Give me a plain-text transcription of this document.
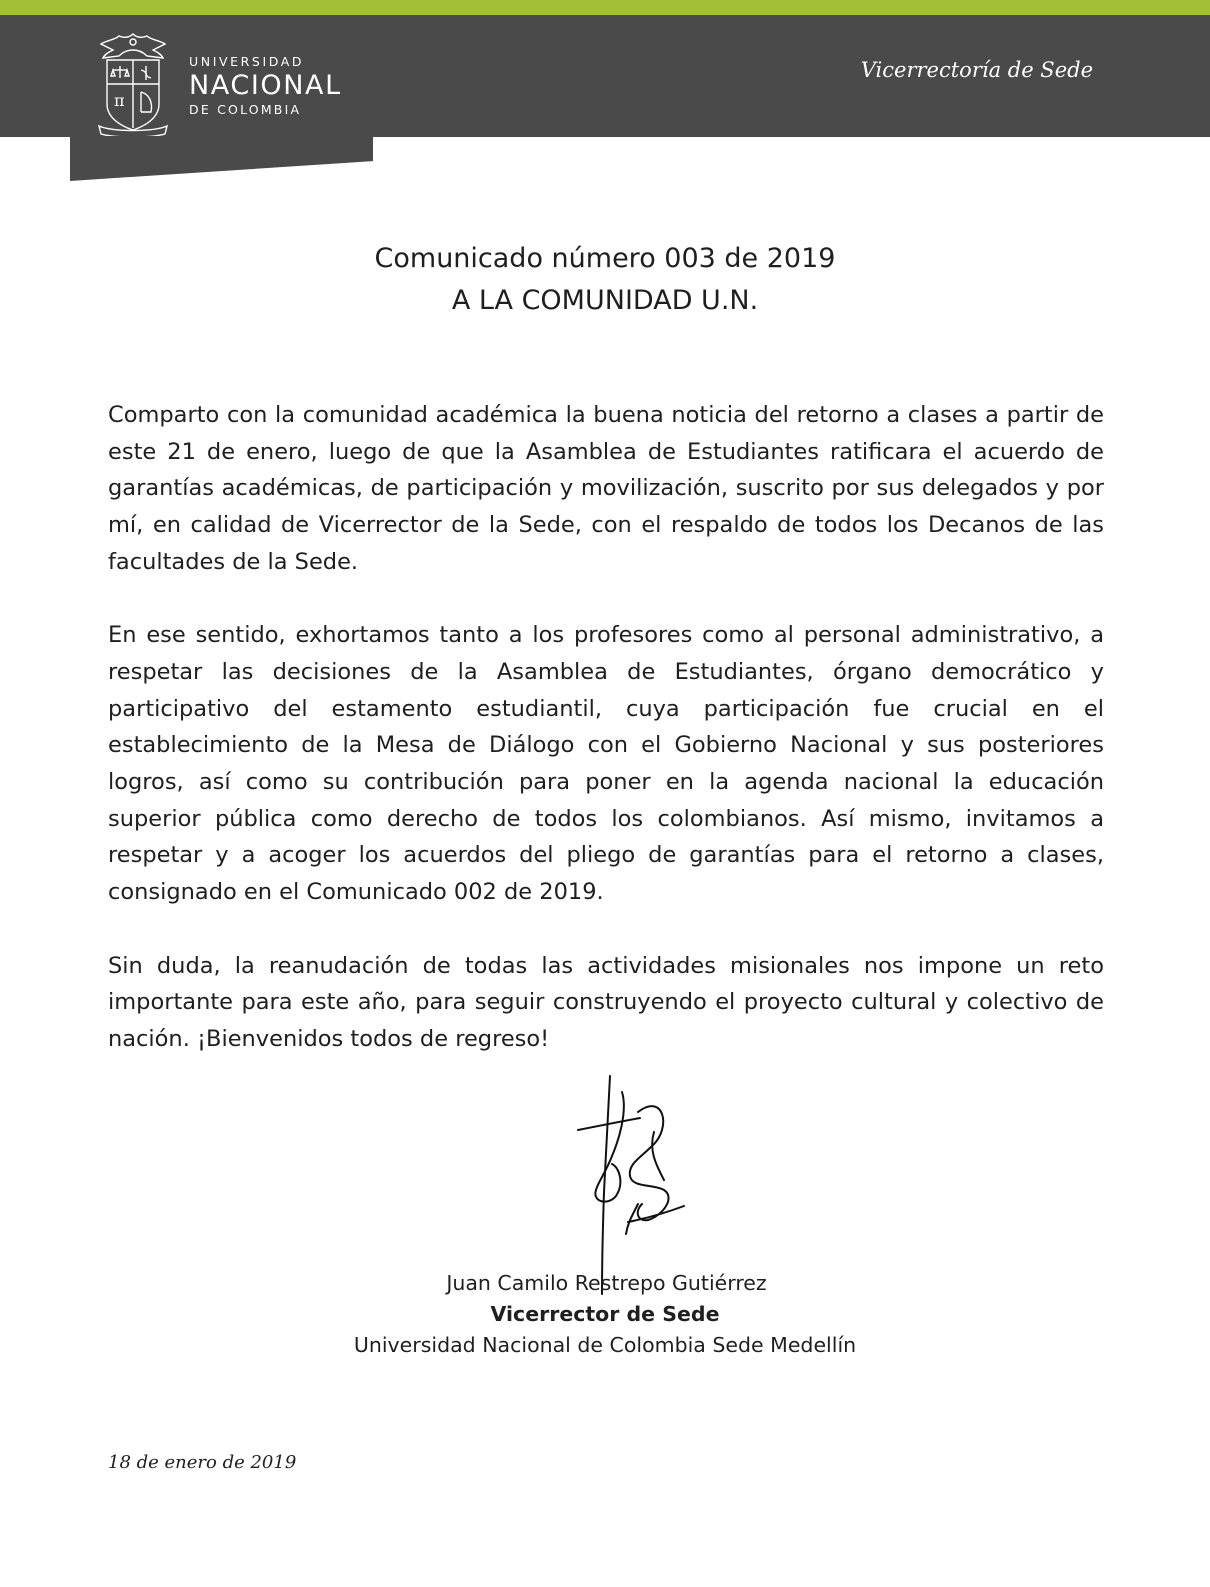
π
UNIVERSIDAD
NACIONAL
DE COLOMBIA
Vicerrectoría de Sede
Comunicado número 003 de 2019
A LA COMUNIDAD U.N.

Comparto con la comunidad académica la buena noticia del retorno a clases a partir de este 21 de enero, luego de que la Asamblea de Estudiantes ratificara el acuerdo de garantías académicas, de participación y movilización, suscrito por sus delegados y por mí, en calidad de Vicerrector de la Sede, con el respaldo de todos los Decanos de las facultades de la Sede.

En ese sentido, exhortamos tanto a los profesores como al personal administrativo, a respetar las decisiones de la Asamblea de Estudiantes, órgano democrático y participativo del estamento estudiantil, cuya participación fue crucial en el establecimiento de la Mesa de Diálogo con el Gobierno Nacional y sus posteriores logros, así como su contribución para poner en la agenda nacional la educación superior pública como derecho de todos los colombianos. Así mismo, invitamos a respetar y a acoger los acuerdos del pliego de garantías para el retorno a clases, consignado en el Comunicado 002 de 2019.

Sin duda, la reanudación de todas las actividades misionales nos impone un reto importante para este año, para seguir construyendo el proyecto cultural y colectivo de nación. ¡Bienvenidos todos de regreso!

Juan Camilo Restrepo Gutiérrez
Vicerrector de Sede
Universidad Nacional de Colombia Sede Medellín
18 de enero de 2019
